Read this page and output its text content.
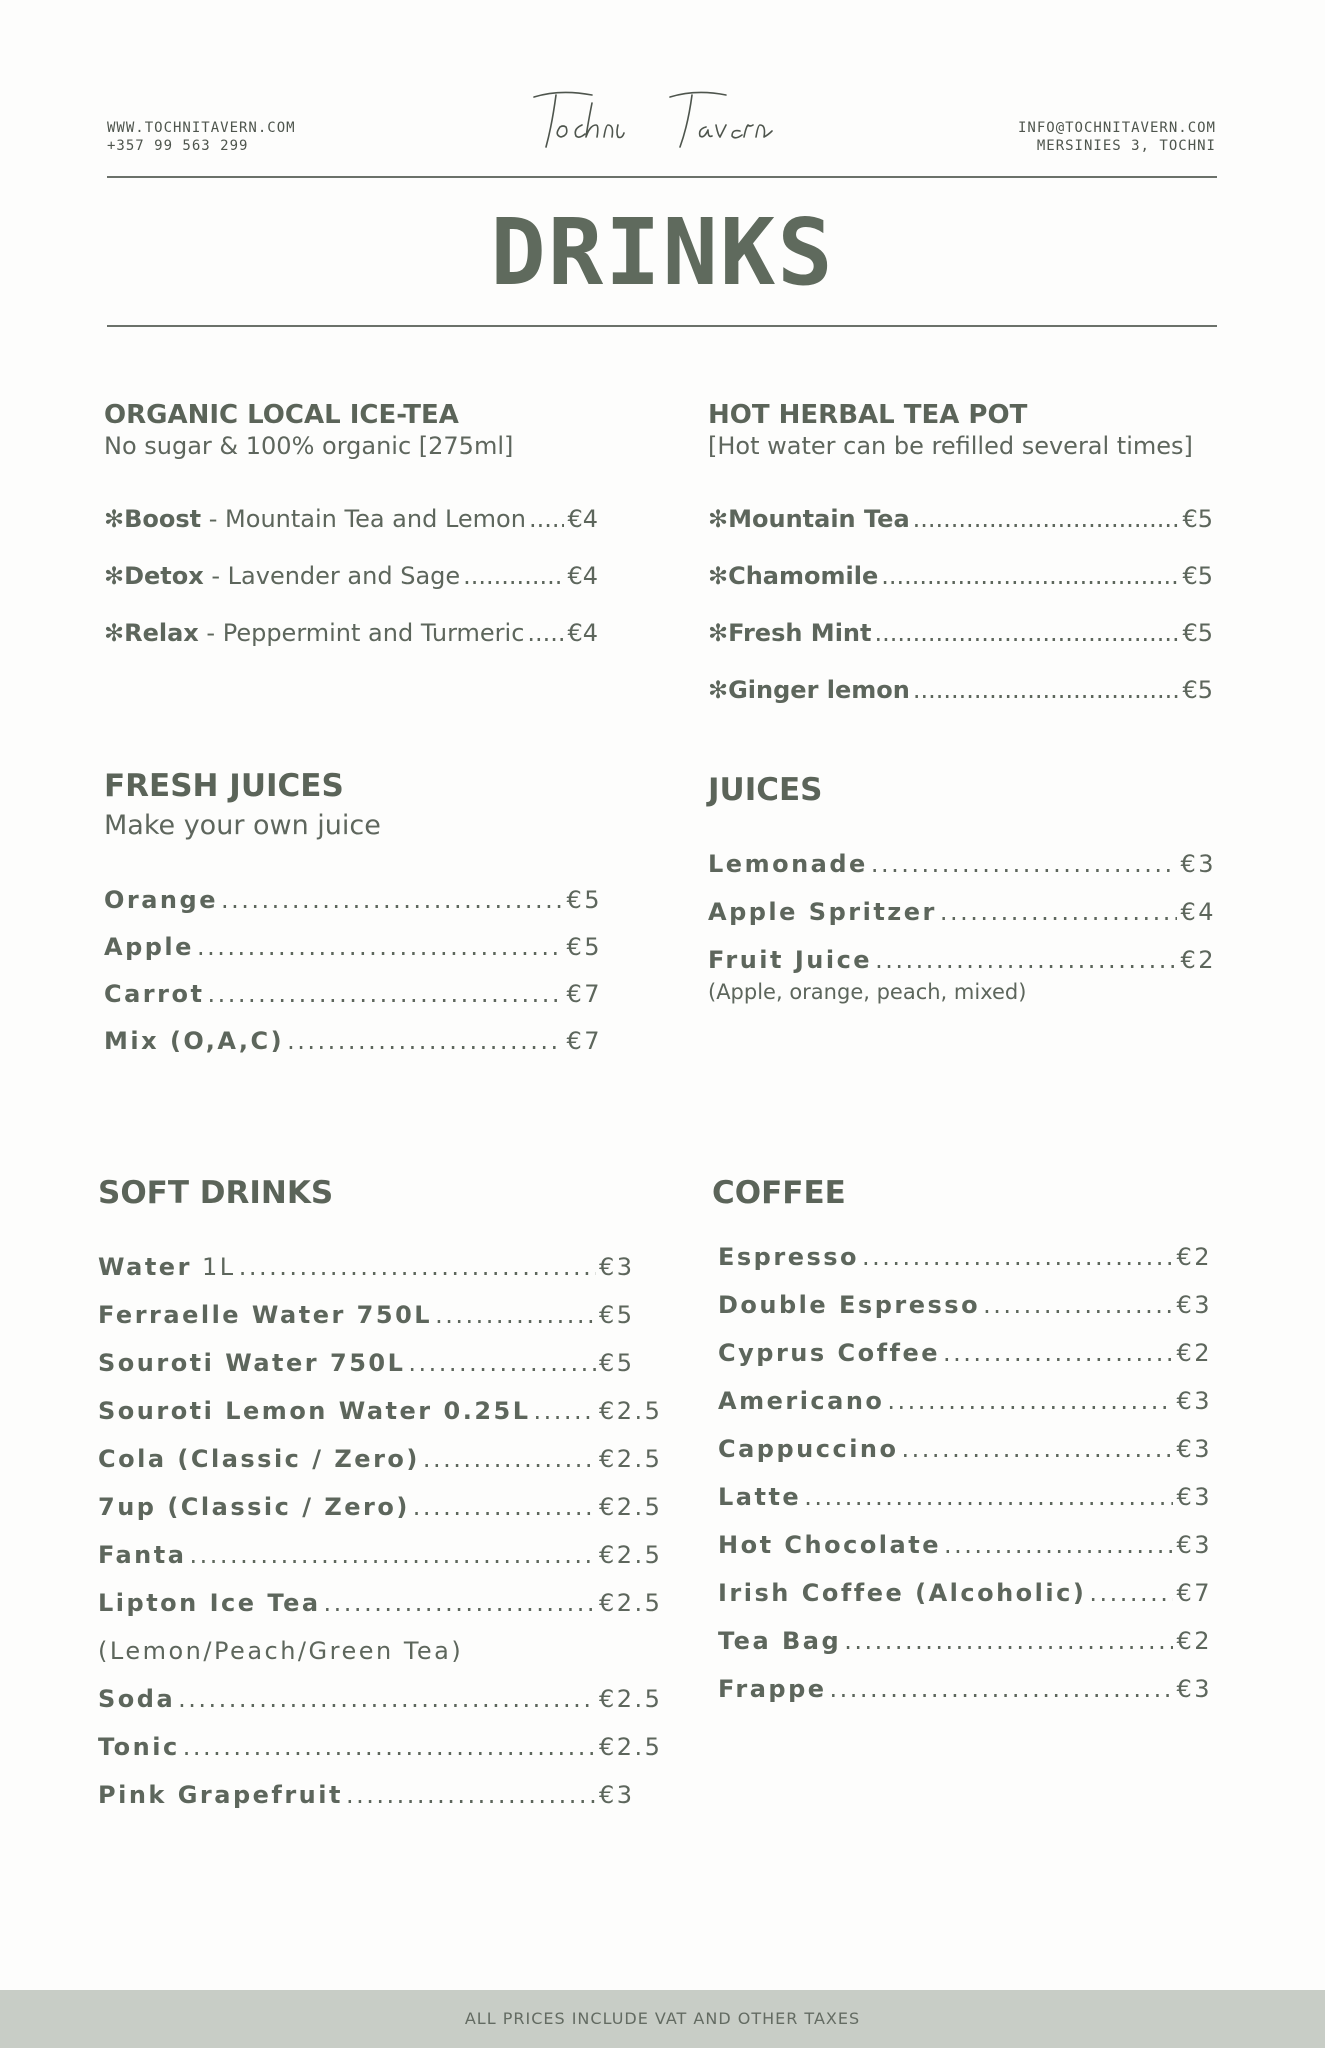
WWW.TOCHNITAVERN.COM
+357 99 563 299
INFO@TOCHNITAVERN.COM
MERSINIES 3, TOCHNI
DRINKS
ORGANIC LOCAL ICE-TEA
No sugar & 100% organic [275ml]
✻Boost - Mountain Tea and Lemon ..... €4
✻Detox - Lavender and Sage .....	€4
✻Relax - Peppermint and Turmeric ..... €4
HOT HERBAL TEA POT
[Hot water can be refilled several times]
✻Mountain Tea .....	€5
✻Chamomile .....	€5
✻Fresh Mint .....	€5
✻Ginger lemon .....	€5
FRESH JUICES
Make your own juice
Orange .....	€5
Apple .....	€5
Carrot .....	€7
Mix (O,A,C) .....	€7
JUICES
Lemonade .....	€3
Apple Spritzer .....	€4
Fruit Juice .....	€2
(Apple, orange, peach, mixed)
SOFT DRINKS
Water 1L .....	€3
Ferraelle Water 750L .....	€5
Souroti Water 750L .....	€5
Souroti Lemon Water 0.25L .....	€2.5
Cola (Classic / Zero) .....	€2.5
7up (Classic / Zero) .....	€2.5
Fanta .....	€2.5
Lipton Ice Tea .....	€2.5
(Lemon/Peach/Green Tea)
Soda .....	€2.5
Tonic .....	€2.5
Pink Grapefruit .....	€3
COFFEE
Espresso .....	€2
Double Espresso .....	€3
Cyprus Coffee .....	€2
Americano .....	€3
Cappuccino .....	€3
Latte .....	€3
Hot Chocolate .....	€3
Irish Coffee (Alcoholic) .....	€7
Tea Bag .....	€2
Frappe .....	€3
ALL PRICES INCLUDE VAT AND OTHER TAXES
